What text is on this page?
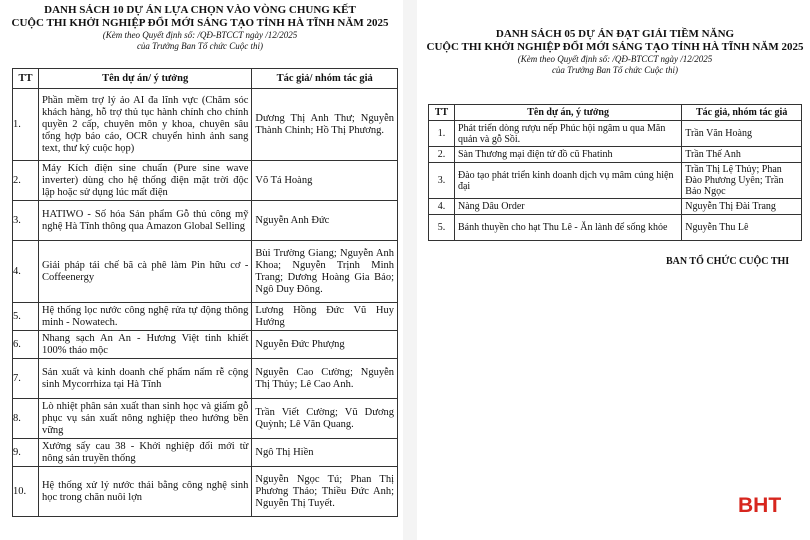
DANH SÁCH 10 DỰ ÁN LỰA CHỌN VÀO VÒNG CHUNG KẾT

CUỘC THI KHỞI NGHIỆP ĐỔI MỚI SÁNG TẠO TỈNH HÀ TĨNH NĂM 2025

(Kèm theo Quyết định số: /QĐ-BTCCT ngày /12/2025

của Trưởng Ban Tổ chức Cuộc thi)

TT	Tên dự án/ ý tưởng	Tác giả/ nhóm tác giả
1.	Phần mềm trợ lý ảo AI đa lĩnh vực (Chăm sóc khách hàng, hỗ trợ thủ tục hành chính cho chính quyền 2 cấp, chuyên môn y khoa, chuyên sâu tổng hợp báo cáo, OCR chuyển hình ảnh sang text, thư ký cuộc họp)	Dương Thị Anh Thư; Nguyễn Thành Chinh; Hồ Thị Phương.
2.	Máy Kích điện sine chuẩn (Pure sine wave inverter) dùng cho hệ thống điện mặt trời độc lập hoặc sử dụng lúc mất điện	Võ Tá Hoàng
3.	HATIWO - Số hóa Sản phẩm Gỗ thủ công mỹ nghệ Hà Tĩnh thông qua Amazon Global Selling	Nguyễn Anh Đức
4.	Giải pháp tái chế bã cà phê làm Pin hữu cơ - Coffeenergy	Bùi Trường Giang; Nguyễn Anh Khoa; Nguyễn Trịnh Minh Trang; Dương Hoàng Gia Bảo; Ngô Duy Đông.
5.	Hệ thống lọc nước công nghệ rửa tự động thông minh - Nowatech.	Lương Hồng Đức Vũ Huy Hướng
6.	Nhang sạch An An - Hương Việt tinh khiết 100% thảo mộc	Nguyễn Đức Phượng
7.	Sản xuất và kinh doanh chế phẩm nấm rễ cộng sinh Mycorrhiza tại Hà Tĩnh	Nguyễn Cao Cường; Nguyễn Thị Thủy; Lê Cao Anh.
8.	Lò nhiệt phân sản xuất than sinh học và giấm gỗ phục vụ sản xuất nông nghiệp theo hướng bền vững	Trần Viết Cường; Vũ Dương Quỳnh; Lê Văn Quang.
9.	Xưởng sấy cau 38 - Khởi nghiệp đổi mới từ nông sản truyền thống	Ngô Thị Hiền
10.	Hệ thống xử lý nước thải bằng công nghệ sinh học trong chăn nuôi lợn	Nguyễn Ngọc Tú; Phan Thị Phương Thảo; Thiều Đức Anh; Nguyễn Thị Tuyết.

DANH SÁCH 05 DỰ ÁN ĐẠT GIẢI TIỀM NĂNG

CUỘC THI KHỞI NGHIỆP ĐỔI MỚI SÁNG TẠO TỈNH HÀ TĨNH NĂM 2025

(Kèm theo Quyết định số: /QĐ-BTCCT ngày /12/2025

của Trưởng Ban Tổ chức Cuộc thi)

TT	Tên dự án, ý tưởng	Tác giả, nhóm tác giả
1.	Phát triển dòng rượu nếp Phúc hội ngâm u qua Măn quản và gỗ Sồi.	Trần Văn Hoàng
2.	Sàn Thương mại điện tử đồ cũ Fhatinh	Trần Thế Anh
3.	Đào tạo phát triển kinh doanh dịch vụ mâm cúng hiện đại	Trần Thị Lệ Thủy; Phan Đào Phương Uyên; Trần Bảo Ngọc
4.	Nàng Dâu Order	Nguyễn Thị Đài Trang
5.	Bánh thuyền cho hạt Thu Lê - Ăn lành để sống khỏe	Nguyễn Thu Lê
BAN TỔ CHỨC CUỘC THI
BHT
